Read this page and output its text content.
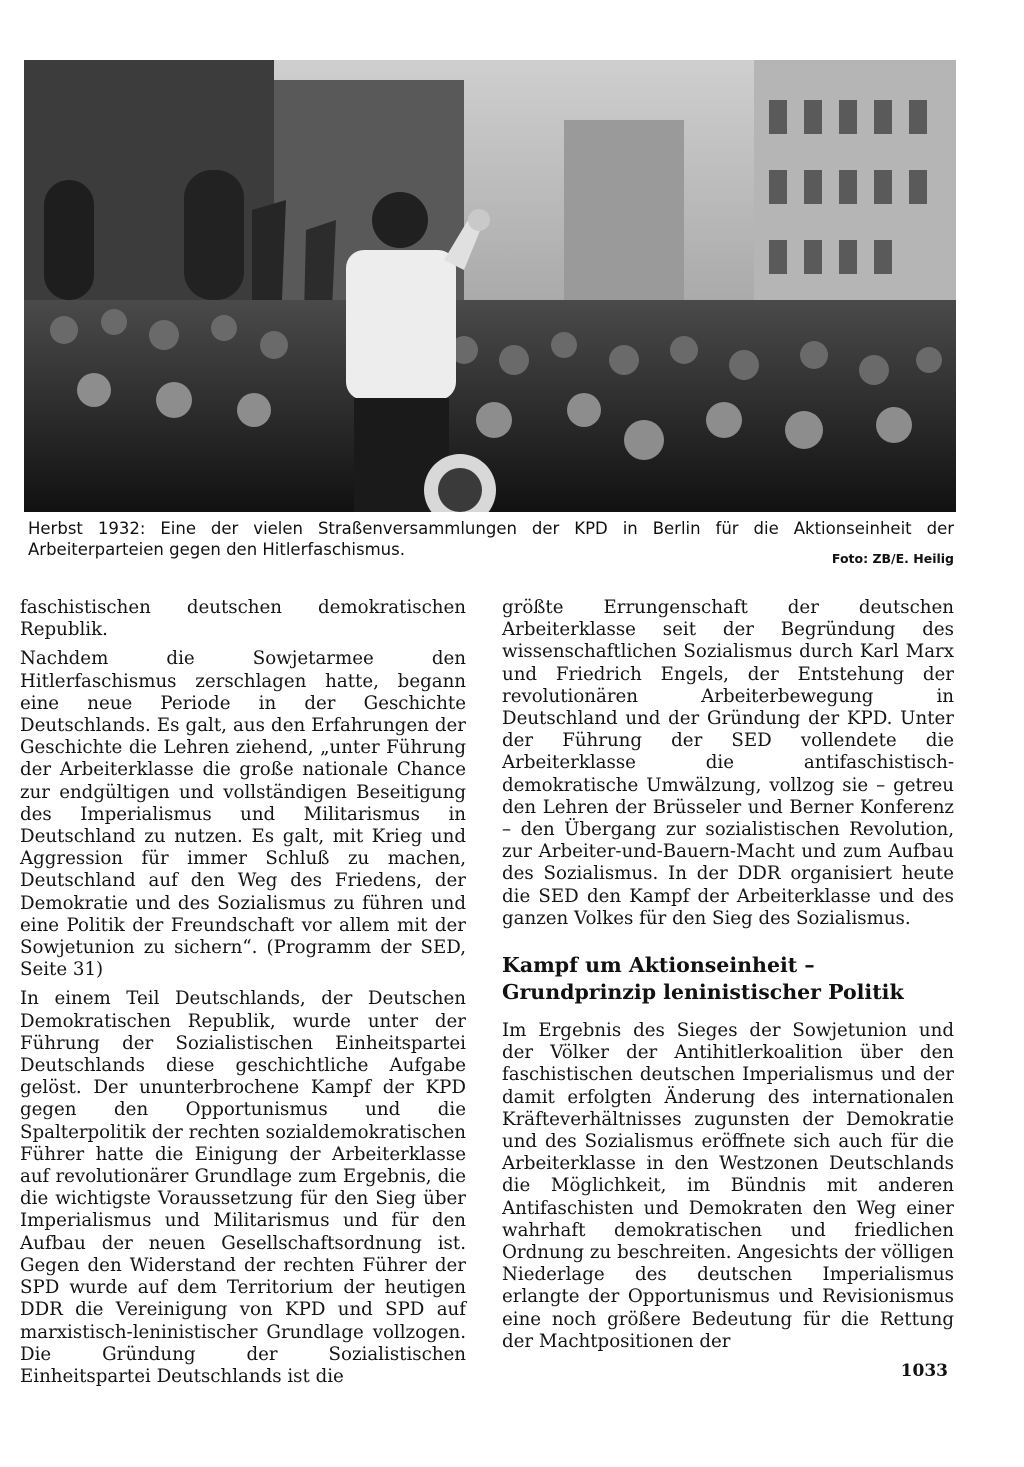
Herbst 1932: Eine der vielen Straßenversammlungen der KPD in Berlin für die Aktionseinheit der Arbeiterparteien gegen den Hitlerfaschismus.	Foto: ZB/E. Heilig

faschistischen deutschen demokratischen Republik.

Nachdem die Sowjetarmee den Hitlerfaschismus zerschlagen hatte, begann eine neue Periode in der Geschichte Deutschlands. Es galt, aus den Erfahrungen der Geschichte die Lehren ziehend, „unter Führung der Arbeiterklasse die große nationale Chance zur endgültigen und vollständigen Beseitigung des Imperialismus und Militarismus in Deutschland zu nutzen. Es galt, mit Krieg und Aggression für immer Schluß zu machen, Deutschland auf den Weg des Friedens, der Demokratie und des Sozialismus zu führen und eine Politik der Freundschaft vor allem mit der Sowjetunion zu sichern“. (Programm der SED, Seite 31)

In einem Teil Deutschlands, der Deutschen Demokratischen Republik, wurde unter der Führung der Sozialistischen Einheitspartei Deutschlands diese geschichtliche Aufgabe gelöst. Der ununterbrochene Kampf der KPD gegen den Opportunismus und die Spalterpolitik der rechten sozialdemokratischen Führer hatte die Einigung der Arbeiterklasse auf revolutionärer Grundlage zum Ergebnis, die die wichtigste Voraussetzung für den Sieg über Imperialismus und Militarismus und für den Aufbau der neuen Gesellschaftsordnung ist. Gegen den Widerstand der rechten Führer der SPD wurde auf dem Territorium der heutigen DDR die Vereinigung von KPD und SPD auf marxistisch-leninistischer Grundlage vollzogen. Die Gründung der Sozialistischen Einheitspartei Deutschlands ist die

größte Errungenschaft der deutschen Arbeiterklasse seit der Begründung des wissenschaftlichen Sozialismus durch Karl Marx und Friedrich Engels, der Entstehung der revolutionären Arbeiterbewegung in Deutschland und der Gründung der KPD. Unter der Führung der SED vollendete die Arbeiterklasse die antifaschistisch-demokratische Umwälzung, vollzog sie – getreu den Lehren der Brüsseler und Berner Konferenz – den Übergang zur sozialistischen Revolution, zur Arbeiter-und-Bauern-Macht und zum Aufbau des Sozialismus. In der DDR organisiert heute die SED den Kampf der Arbeiterklasse und des ganzen Volkes für den Sieg des Sozialismus.

Kampf um Aktionseinheit –
Grundprinzip leninistischer Politik

Im Ergebnis des Sieges der Sowjetunion und der Völker der Antihitlerkoalition über den faschistischen deutschen Imperialismus und der damit erfolgten Änderung des internationalen Kräfteverhältnisses zugunsten der Demokratie und des Sozialismus eröffnete sich auch für die Arbeiterklasse in den Westzonen Deutschlands die Möglichkeit, im Bündnis mit anderen Antifaschisten und Demokraten den Weg einer wahrhaft demokratischen und friedlichen Ordnung zu beschreiten. Angesichts der völligen Niederlage des deutschen Imperialismus erlangte der Opportunismus und Revisionismus eine noch größere Bedeutung für die Rettung der Machtpositionen der

1033
